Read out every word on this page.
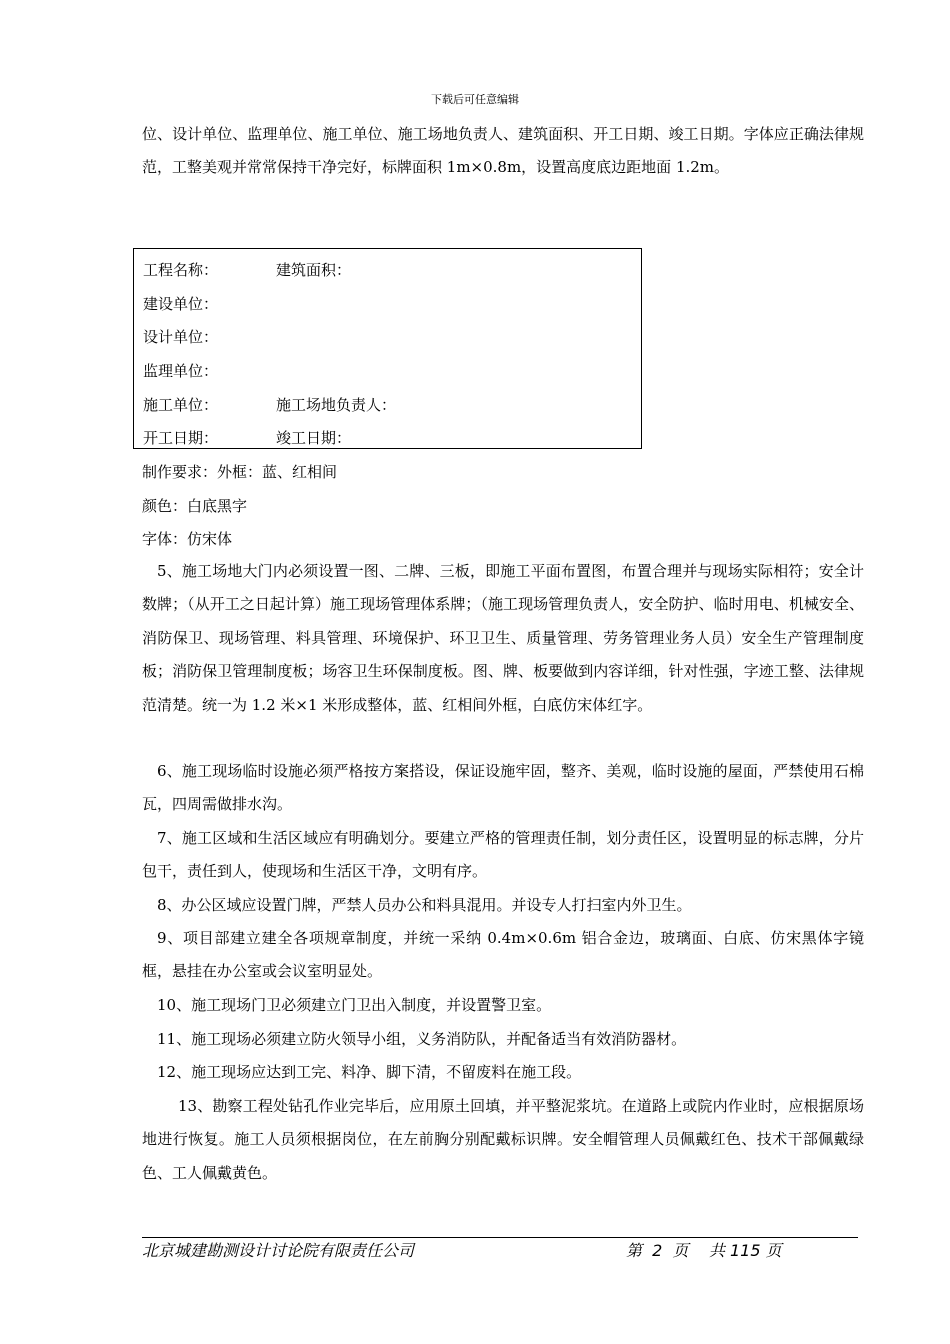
下载后可任意编辑

位、设计单位、监理单位、施工单位、施工场地负责人、建筑面积、开工日期、竣工日期。字体应正确法律规范，工整美观并常常保持干净完好，标牌面积 1m×0.8m，设置高度底边距地面 1.2m。

工程名称：	建筑面积：
建设单位：
设计单位：
监理单位：
施工单位：	施工场地负责人：
开工日期：	竣工日期：

制作要求：外框：蓝、红相间

颜色：白底黑字

字体：仿宋体

5、施工场地大门内必须设置一图、二牌、三板，即施工平面布置图，布置合理并与现场实际相符；安全计数牌；（从开工之日起计算）施工现场管理体系牌；（施工现场管理负责人，安全防护、临时用电、机械安全、消防保卫、现场管理、料具管理、环境保护、环卫卫生、质量管理、劳务管理业务人员）安全生产管理制度板；消防保卫管理制度板；场容卫生环保制度板。图、牌、板要做到内容详细，针对性强，字迹工整、法律规范清楚。统一为 1.2 米×1 米形成整体，蓝、红相间外框，白底仿宋体红字。

6、施工现场临时设施必须严格按方案搭设，保证设施牢固，整齐、美观，临时设施的屋面，严禁使用石棉瓦，四周需做排水沟。

7、施工区域和生活区域应有明确划分。要建立严格的管理责任制，划分责任区，设置明显的标志牌，分片包干，责任到人，使现场和生活区干净，文明有序。

8、办公区域应设置门牌，严禁人员办公和料具混用。并设专人打扫室内外卫生。

9、项目部建立建全各项规章制度，并统一采纳 0.4m×0.6m 铝合金边，玻璃面、白底、仿宋黑体字镜框，悬挂在办公室或会议室明显处。

10、施工现场门卫必须建立门卫出入制度，并设置警卫室。

11、施工现场必须建立防火领导小组，义务消防队，并配备适当有效消防器材。

12、施工现场应达到工完、料净、脚下清，不留废料在施工段。

13、勘察工程处钻孔作业完毕后，应用原土回填，并平整泥浆坑。在道路上或院内作业时，应根据原场地进行恢复。施工人员须根据岗位，在左前胸分别配戴标识牌。安全帽管理人员佩戴红色、技术干部佩戴绿色、工人佩戴黄色。

北京城建勘测设计讨论院有限责任公司	第  2  页    共 115 页
